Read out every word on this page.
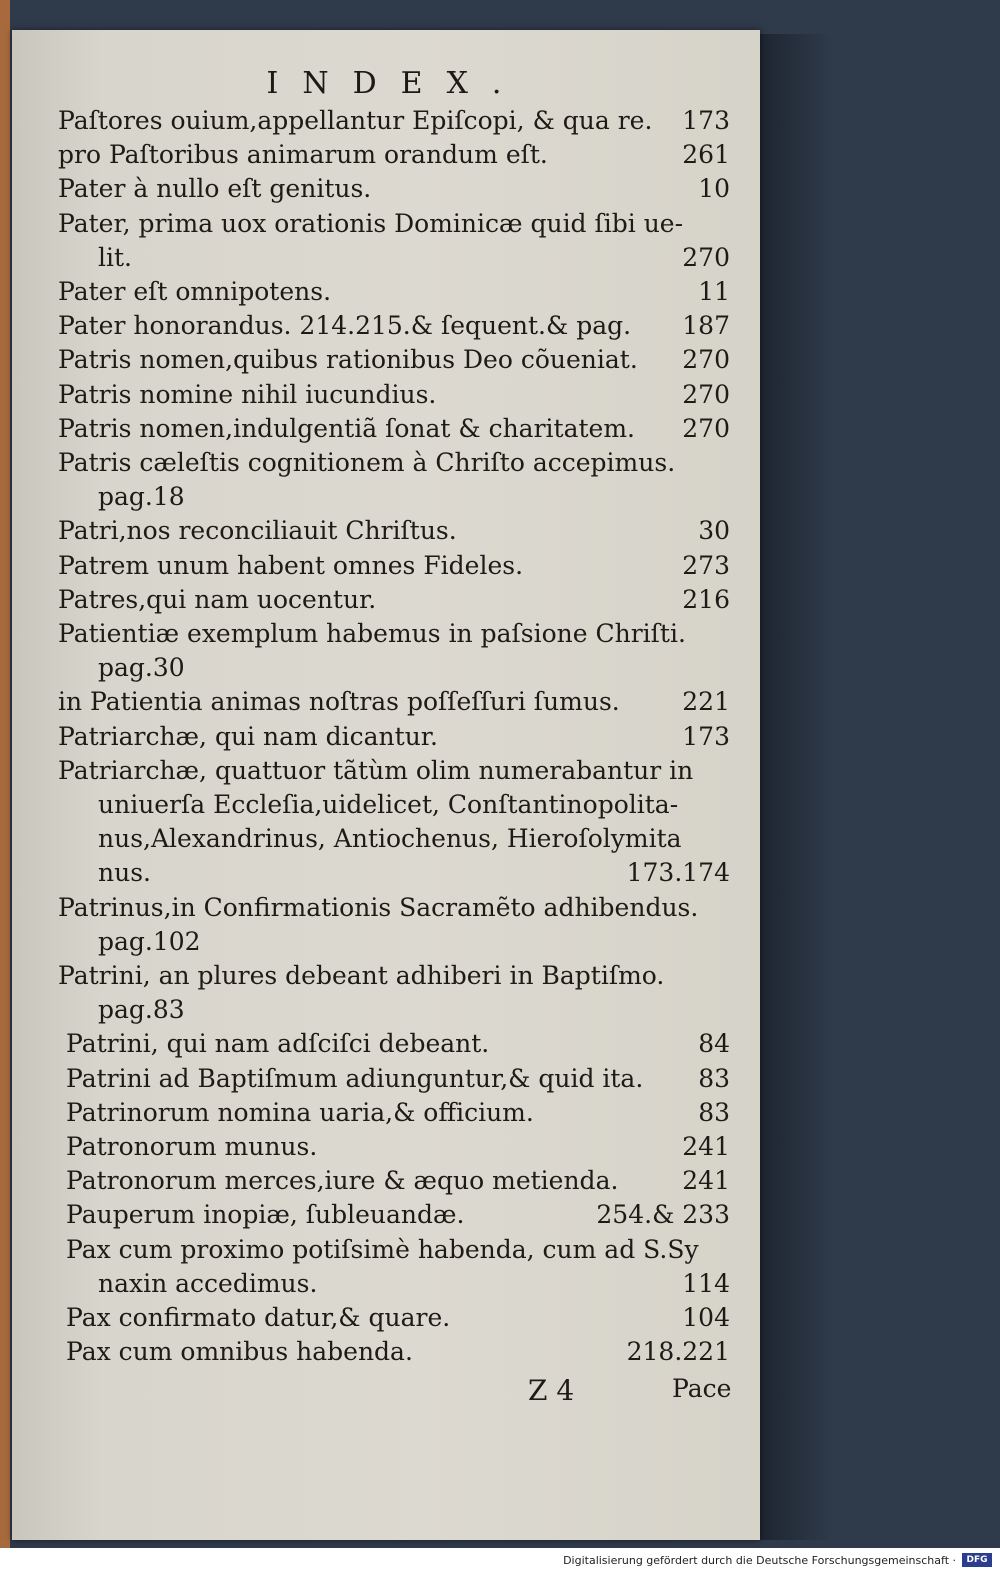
INDEX.
Paſtores ouium,appellantur Epiſcopi, & qua re. 173
pro Paſtoribus animarum orandum eſt.	261
Pater à nullo eſt genitus.	10
Pater, prima uox orationis Dominicæ quid ſibi ue-
lit.	270
Pater eſt omnipotens.	11
Pater honorandus. 214.215.& ſequent.& pag. 187
Patris nomen,quibus rationibus Deo cõueniat. 270
Patris nomine nihil iucundius.	270
Patris nomen,indulgentiã ſonat & charitatem. 270
Patris cæleſtis cognitionem à Chriſto accepimus.
pag.18
Patri,nos reconciliauit Chriſtus.	30
Patrem unum habent omnes Fideles.	273
Patres,qui nam uocentur.	216
Patientiæ exemplum habemus in paſsione Chriſti.
pag.30
in Patientia animas noſtras poſſeſſuri ſumus.	221
Patriarchæ, qui nam dicantur.	173
Patriarchæ, quattuor tãtùm olim numerabantur in
uniuerſa Eccleſia,uidelicet, Conſtantinopolita-
nus,Alexandrinus, Antiochenus, Hieroſolymita
nus.	173.174
Patrinus,in Confirmationis Sacramẽto adhibendus.
pag.102
Patrini, an plures debeant adhiberi in Baptiſmo.
pag.83
Patrini, qui nam adſciſci debeant.	84
Patrini ad Baptiſmum adiunguntur,& quid ita. 83
Patrinorum nomina uaria,& officium.	83
Patronorum munus.	241
Patronorum merces,iure & æquo metienda.	241
Pauperum inopiæ, ſubleuandæ.	254.& 233
Pax cum proximo potiſsimè habenda, cum ad S.Sy
naxin accedimus.	114
Pax confirmato datur,& quare.	104
Pax cum omnibus habenda.	218.221
Z 4	Pace
Digitalisierung gefördert durch die Deutsche Forschungsgemeinschaft ·	DFG
